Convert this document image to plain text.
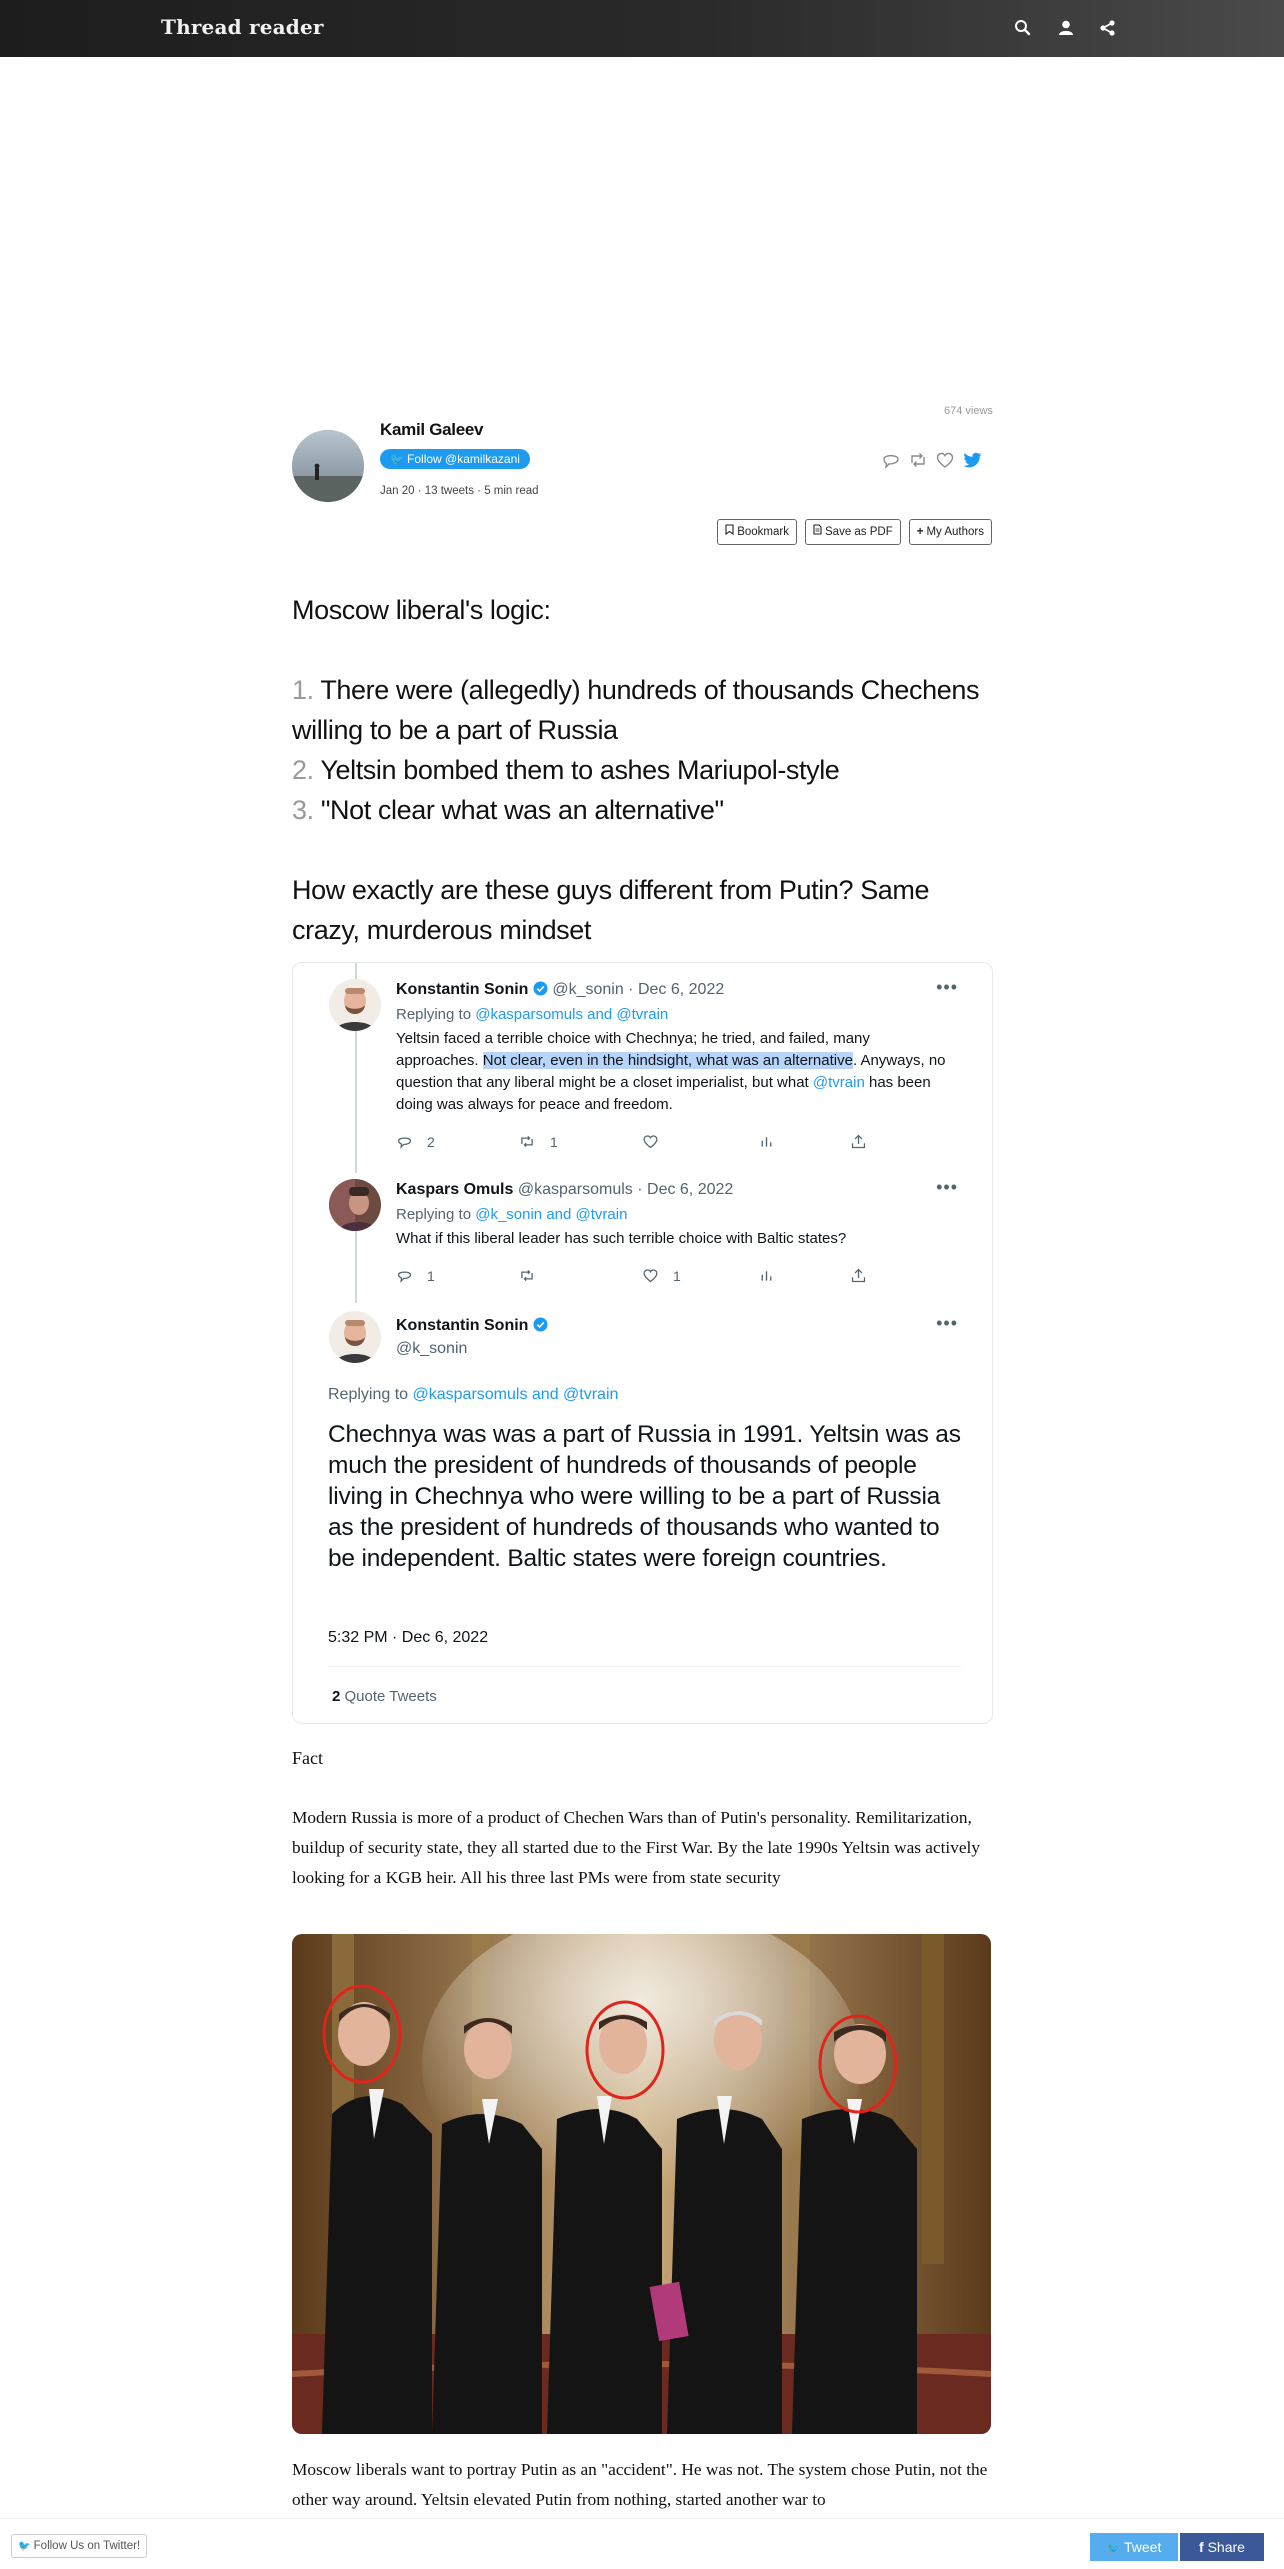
Thread reader
674 views
Kamil Galeev
🐦 Follow @kamilkazani
Jan 20 · 13 tweets · 5 min read
Bookmark	Save as PDF + My Authors

Moscow liberal's logic:

1. There were (allegedly) hundreds of thousands Chechens willing to be a part of Russia

2. Yeltsin bombed them to ashes Mariupol-style

3. "Not clear what was an alternative"

How exactly are these guys different from Putin? Same crazy, murderous mindset

Konstantin Sonin @k_sonin · Dec 6, 2022	•••
Replying to @kasparsomuls and @tvrain
Yeltsin faced a terrible choice with Chechnya; he tried, and failed, many approaches. Not clear, even in the hindsight, what was an alternative. Anyways, no question that any liberal might be a closet imperialist, but what @tvrain has been doing was always for peace and freedom.
2	1
Kaspars Omuls @kasparsomuls · Dec 6, 2022	•••
Replying to @k_sonin and @tvrain
What if this liberal leader has such terrible choice with Baltic states?
1	1
Konstantin Sonin
@k_sonin
•••
Replying to @kasparsomuls and @tvrain
Chechnya was was a part of Russia in 1991. Yeltsin was as much the president of hundreds of thousands of people living in Chechnya who were willing to be a part of Russia as the president of hundreds of thousands who wanted to be independent. Baltic states were foreign countries.
5:32 PM · Dec 6, 2022
2 Quote Tweets
Fact
Modern Russia is more of a product of Chechen Wars than of Putin's personality. Remilitarization, buildup of security state, they all started due to the First War. By the late 1990s Yeltsin was actively looking for a KGB heir. All his three last PMs were from state security
Moscow liberals want to portray Putin as an "accident". He was not. The system chose Putin, not the other way around. Yeltsin elevated Putin from nothing, started another war to
🐦 Follow Us on Twitter!	🐦 Tweet	f Share
